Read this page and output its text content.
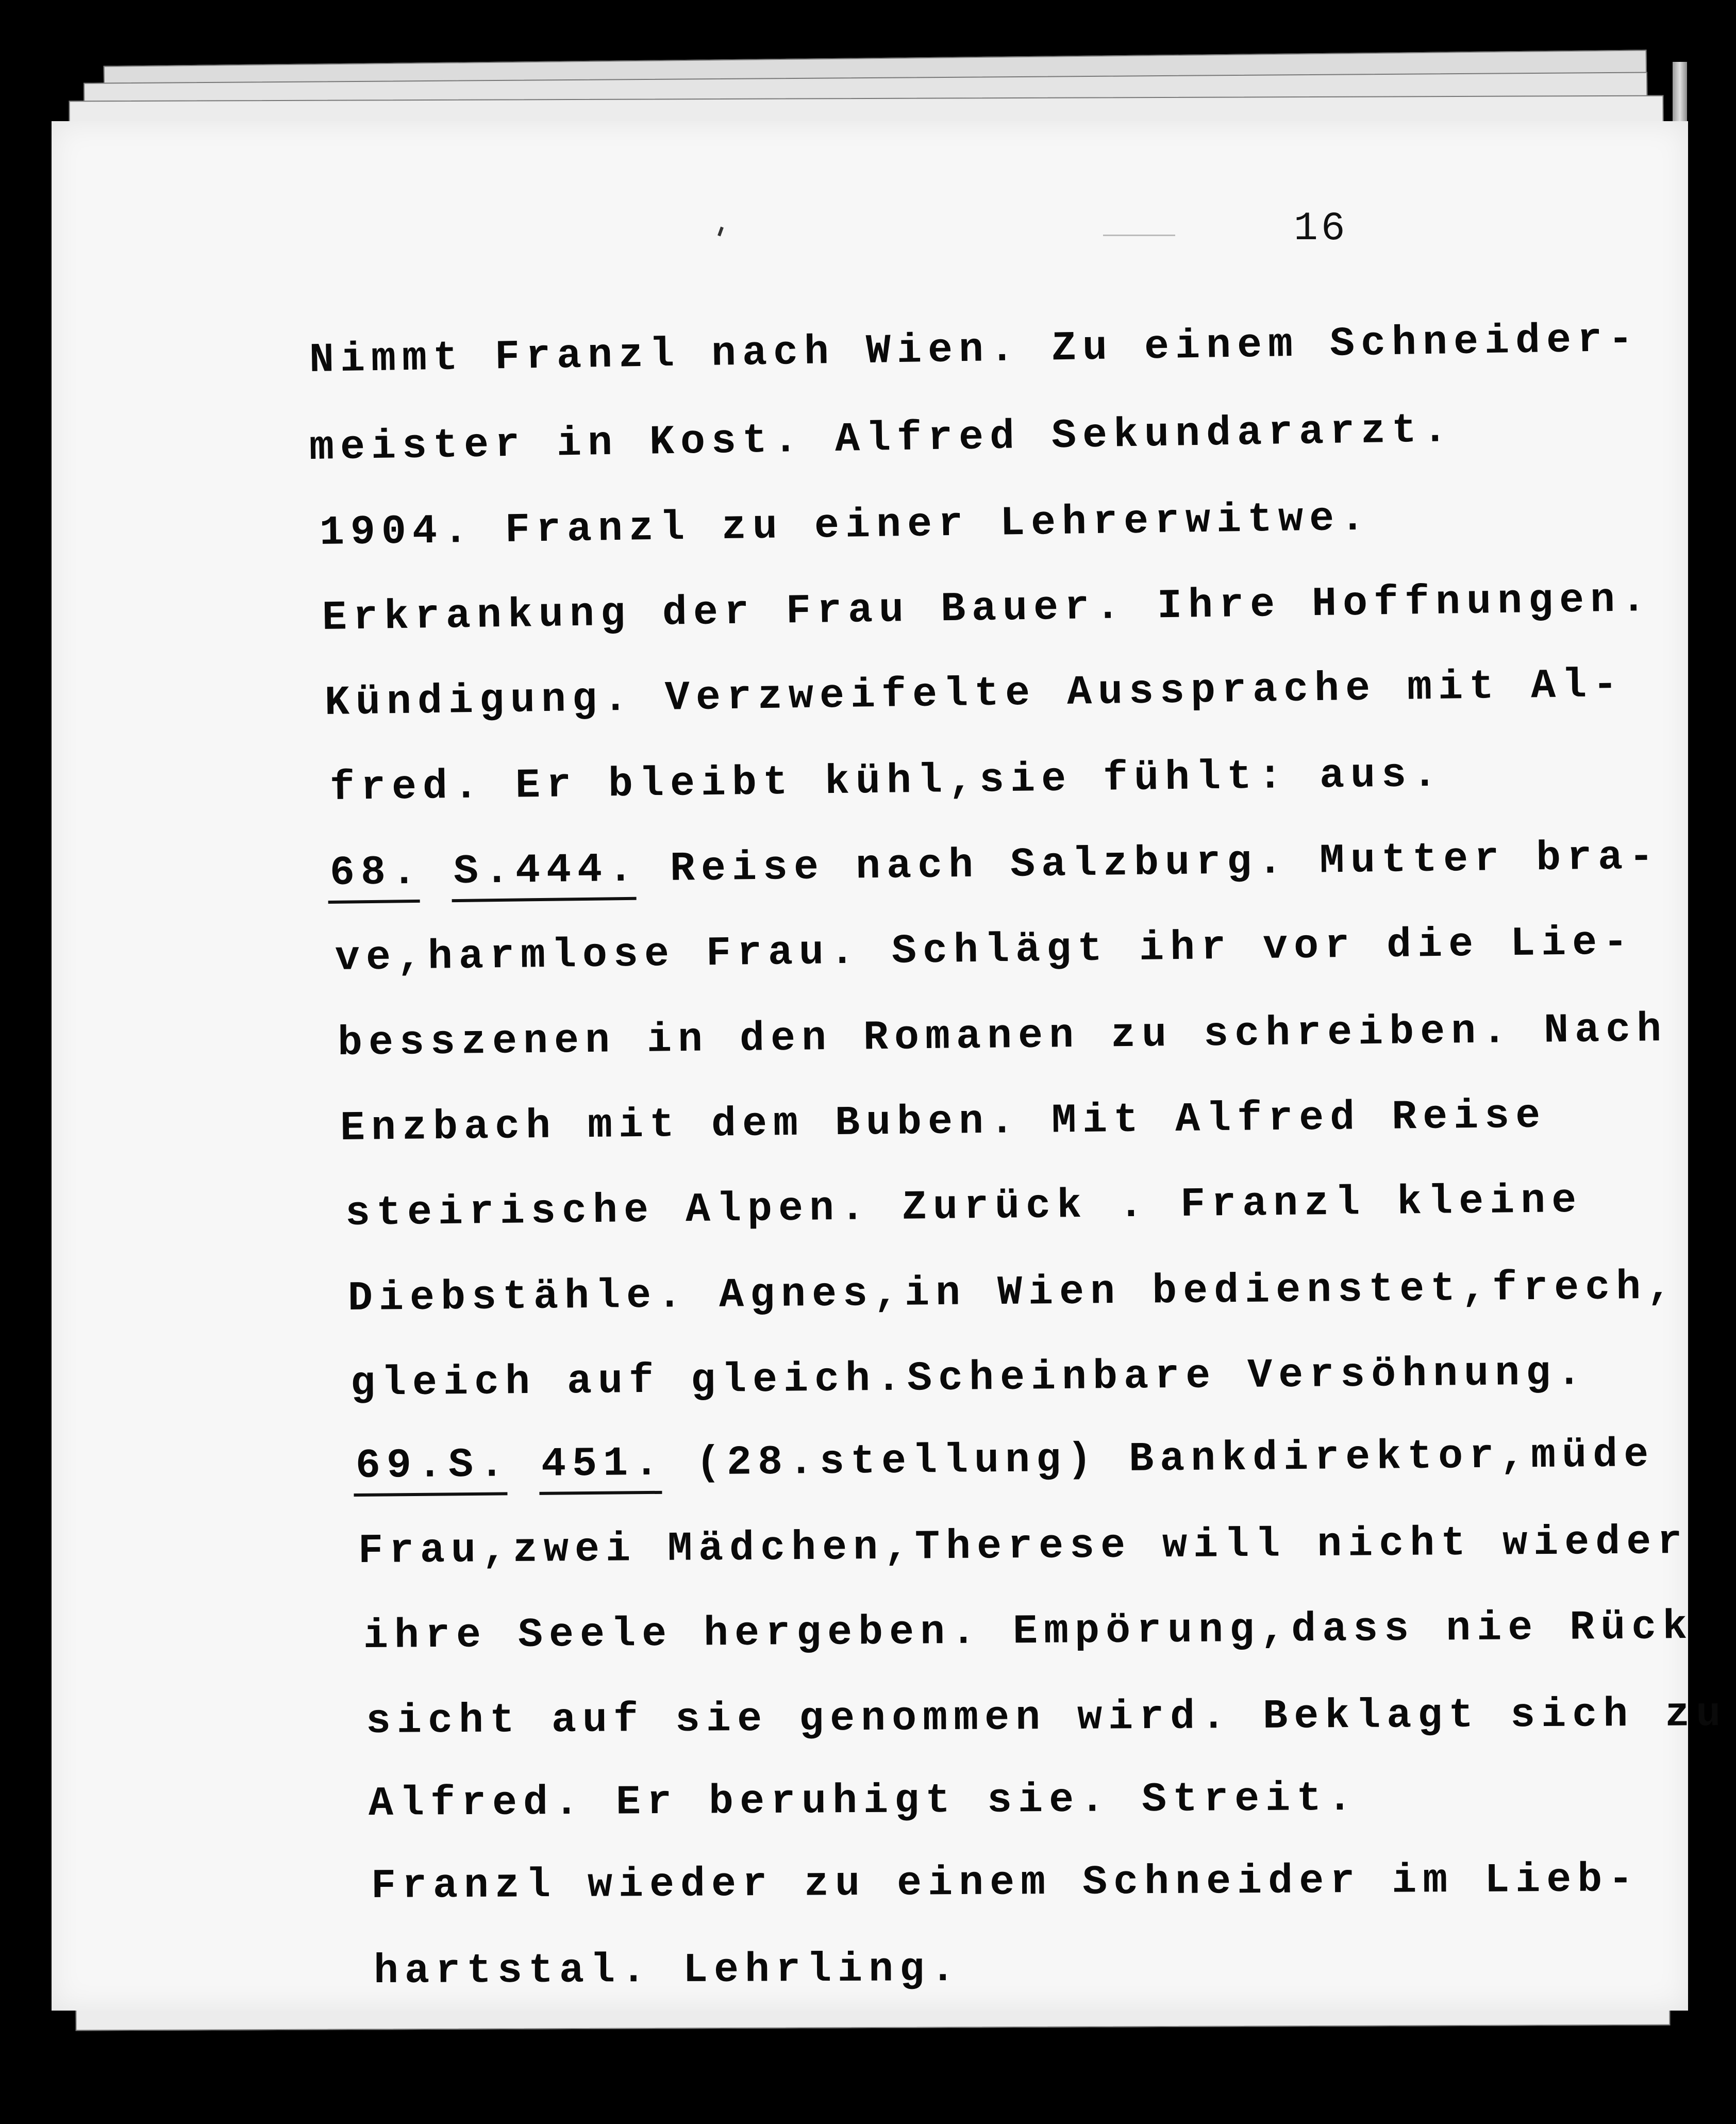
16
Nimmt Franzl nach Wien. Zu einem Schneider-
meister in Kost. Alfred Sekundararzt.
1904. Franzl zu einer Lehrerwitwe.
Erkrankung der Frau Bauer. Ihre Hoffnungen.
Kündigung. Verzweifelte Aussprache mit Al-
fred. Er bleibt kühl,sie fühlt: aus.
68. S.444. Reise nach Salzburg. Mutter bra-
ve,harmlose Frau. Schlägt ihr vor die Lie-
besszenen in den Romanen zu schreiben. Nach
Enzbach mit dem Buben. Mit Alfred Reise
steirische Alpen. Zurück . Franzl kleine
Diebstähle. Agnes,in Wien bedienstet,frech,
gleich auf gleich.Scheinbare Versöhnung.
69.S. 451. (28.stellung) Bankdirektor,müde
Frau,zwei Mädchen,Therese will nicht wieder
ihre Seele hergeben. Empörung,dass nie Rück
sicht auf sie genommen wird. Beklagt sich zu
Alfred. Er beruhigt sie. Streit.
Franzl wieder zu einem Schneider im Lieb-
hartstal. Lehrling.
